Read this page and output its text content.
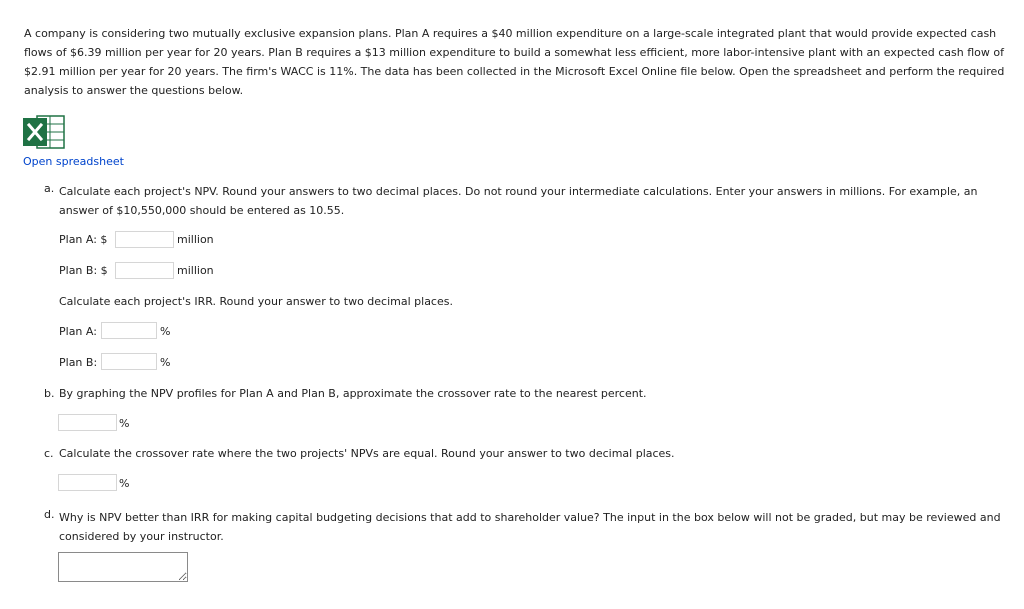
A company is considering two mutually exclusive expansion plans. Plan A requires a $40 million expenditure on a large-scale integrated plant that would provide expected cash flows of $6.39 million per year for 20 years. Plan B requires a $13 million expenditure to build a somewhat less efficient, more labor-intensive plant with an expected cash flow of $2.91 million per year for 20 years. The firm's WACC is 11%. The data has been collected in the Microsoft Excel Online file below. Open the spreadsheet and perform the required analysis to answer the questions below.
Open spreadsheet
a. Calculate each project's NPV. Round your answers to two decimal places. Do not round your intermediate calculations. Enter your answers in millions. For example, an answer of $10,550,000 should be entered as 10.55.
Plan A: $	million
Plan B: $	million
Calculate each project's IRR. Round your answer to two decimal places.
Plan A:	%
Plan B:	%
b. By graphing the NPV profiles for Plan A and Plan B, approximate the crossover rate to the nearest percent.
%
c. Calculate the crossover rate where the two projects' NPVs are equal. Round your answer to two decimal places.
%
d. Why is NPV better than IRR for making capital budgeting decisions that add to shareholder value? The input in the box below will not be graded, but may be reviewed and considered by your instructor.
